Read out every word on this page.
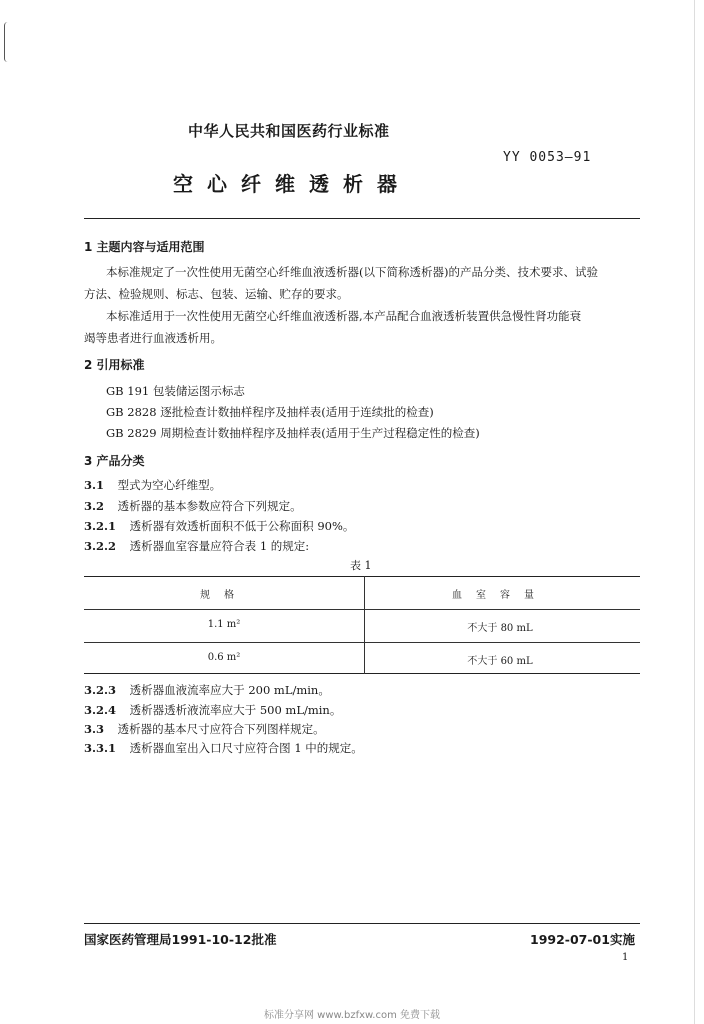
中华人民共和国医药行业标准
YY 0053—91
空心纤维透析器
1 主题内容与适用范围
本标准规定了一次性使用无菌空心纤维血液透析器(以下简称透析器)的产品分类、技术要求、试验
方法、检验规则、标志、包装、运输、贮存的要求。
本标准适用于一次性使用无菌空心纤维血液透析器,本产品配合血液透析装置供急慢性肾功能衰
竭等患者进行血液透析用。
2 引用标准
GB 191 包装储运图示标志
GB 2828 逐批检查计数抽样程序及抽样表(适用于连续批的检查)
GB 2829 周期检查计数抽样程序及抽样表(适用于生产过程稳定性的检查)
3 产品分类
3.1 型式为空心纤维型。
3.2 透析器的基本参数应符合下列规定。
3.2.1 透析器有效透析面积不低于公称面积 90%。
3.2.2 透析器血室容量应符合表 1 的规定:
表 1
规格	血室容量
1.1 m²	不大于 80 mL
0.6 m²	不大于 60 mL
3.2.3 透析器血液流率应大于 200 mL/min。
3.2.4 透析器透析液流率应大于 500 mL/min。
3.3 透析器的基本尺寸应符合下列图样规定。
3.3.1 透析器血室出入口尺寸应符合图 1 中的规定。
国家医药管理局1991-10-12批准	1992-07-01实施
1
标准分享网 www.bzfxw.com 免费下载
